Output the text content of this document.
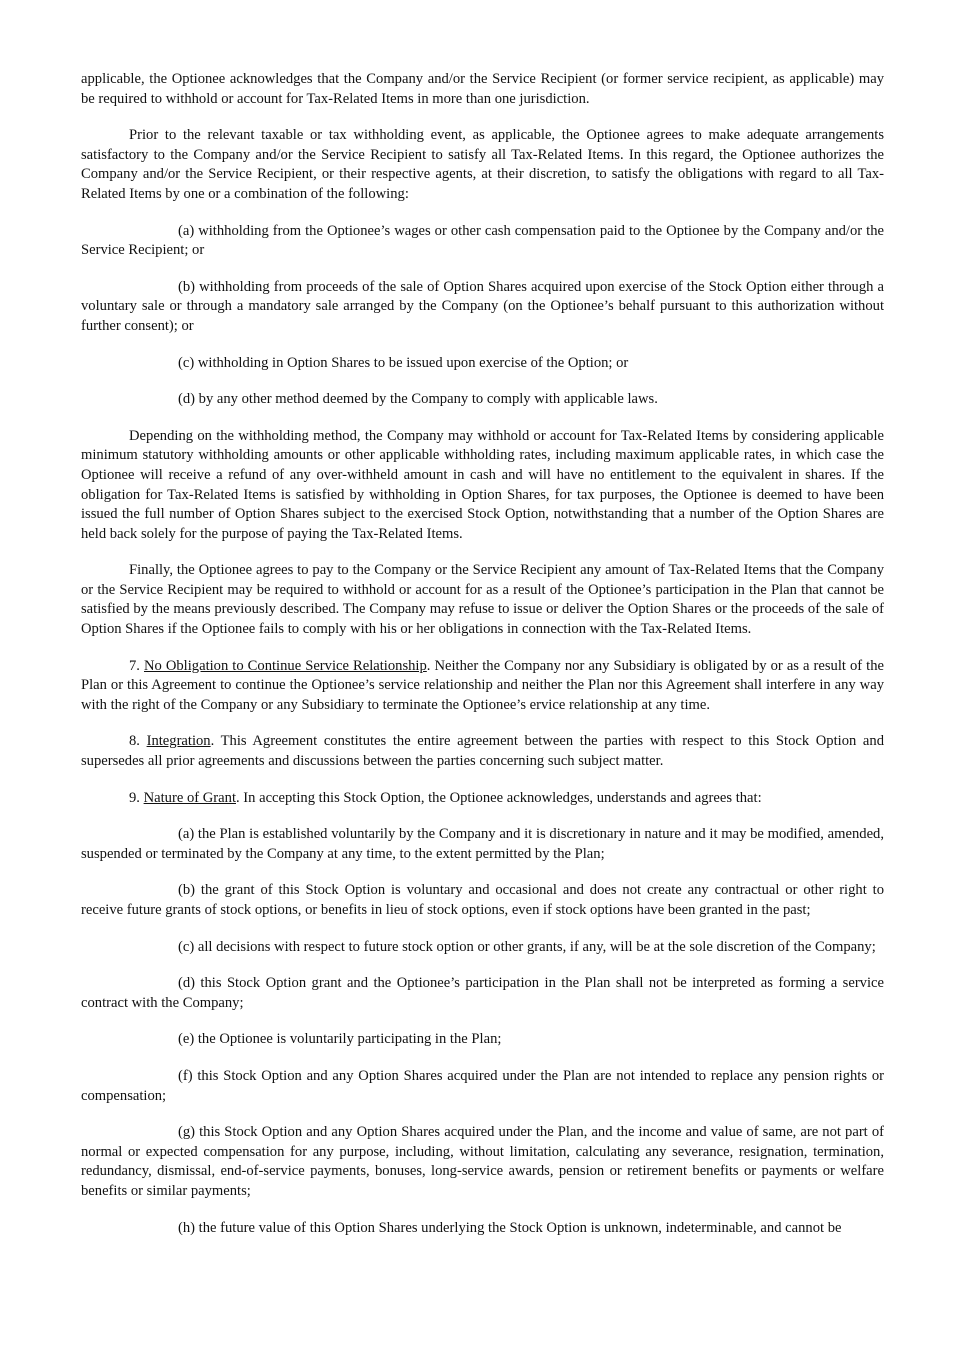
applicable, the Optionee acknowledges that the Company and/or the Service Recipient (or former service recipient, as applicable) may be required to withhold or account for Tax-Related Items in more than one jurisdiction.

Prior to the relevant taxable or tax withholding event, as applicable, the Optionee agrees to make adequate arrangements satisfactory to the Company and/or the Service Recipient to satisfy all Tax-Related Items. In this regard, the Optionee authorizes the Company and/or the Service Recipient, or their respective agents, at their discretion, to satisfy the obligations with regard to all Tax-Related Items by one or a combination of the following:

(a) withholding from the Optionee’s wages or other cash compensation paid to the Optionee by the Company and/or the Service Recipient; or

(b) withholding from proceeds of the sale of Option Shares acquired upon exercise of the Stock Option either through a voluntary sale or through a mandatory sale arranged by the Company (on the Optionee’s behalf pursuant to this authorization without further consent); or

(c) withholding in Option Shares to be issued upon exercise of the Option; or

(d) by any other method deemed by the Company to comply with applicable laws.

Depending on the withholding method, the Company may withhold or account for Tax-Related Items by considering applicable minimum statutory withholding amounts or other applicable withholding rates, including maximum applicable rates, in which case the Optionee will receive a refund of any over-withheld amount in cash and will have no entitlement to the equivalent in shares. If the obligation for Tax-Related Items is satisfied by withholding in Option Shares, for tax purposes, the Optionee is deemed to have been issued the full number of Option Shares subject to the exercised Stock Option, notwithstanding that a number of the Option Shares are held back solely for the purpose of paying the Tax-Related Items.

Finally, the Optionee agrees to pay to the Company or the Service Recipient any amount of Tax-Related Items that the Company or the Service Recipient may be required to withhold or account for as a result of the Optionee’s participation in the Plan that cannot be satisfied by the means previously described. The Company may refuse to issue or deliver the Option Shares or the proceeds of the sale of Option Shares if the Optionee fails to comply with his or her obligations in connection with the Tax-Related Items.

7. No Obligation to Continue Service Relationship. Neither the Company nor any Subsidiary is obligated by or as a result of the Plan or this Agreement to continue the Optionee’s service relationship and neither the Plan nor this Agreement shall interfere in any way with the right of the Company or any Subsidiary to terminate the Optionee’s ervice relationship at any time.

8. Integration. This Agreement constitutes the entire agreement between the parties with respect to this Stock Option and supersedes all prior agreements and discussions between the parties concerning such subject matter.

9. Nature of Grant. In accepting this Stock Option, the Optionee acknowledges, understands and agrees that:

(a) the Plan is established voluntarily by the Company and it is discretionary in nature and it may be modified, amended, suspended or terminated by the Company at any time, to the extent permitted by the Plan;

(b) the grant of this Stock Option is voluntary and occasional and does not create any contractual or other right to receive future grants of stock options, or benefits in lieu of stock options, even if stock options have been granted in the past;

(c) all decisions with respect to future stock option or other grants, if any, will be at the sole discretion of the Company;

(d) this Stock Option grant and the Optionee’s participation in the Plan shall not be interpreted as forming a service contract with the Company;

(e) the Optionee is voluntarily participating in the Plan;

(f) this Stock Option and any Option Shares acquired under the Plan are not intended to replace any pension rights or compensation;

(g) this Stock Option and any Option Shares acquired under the Plan, and the income and value of same, are not part of normal or expected compensation for any purpose, including, without limitation, calculating any severance, resignation, termination, redundancy, dismissal, end-of-service payments, bonuses, long-service awards, pension or retirement benefits or payments or welfare benefits or similar payments;

(h) the future value of this Option Shares underlying the Stock Option is unknown, indeterminable, and cannot be
